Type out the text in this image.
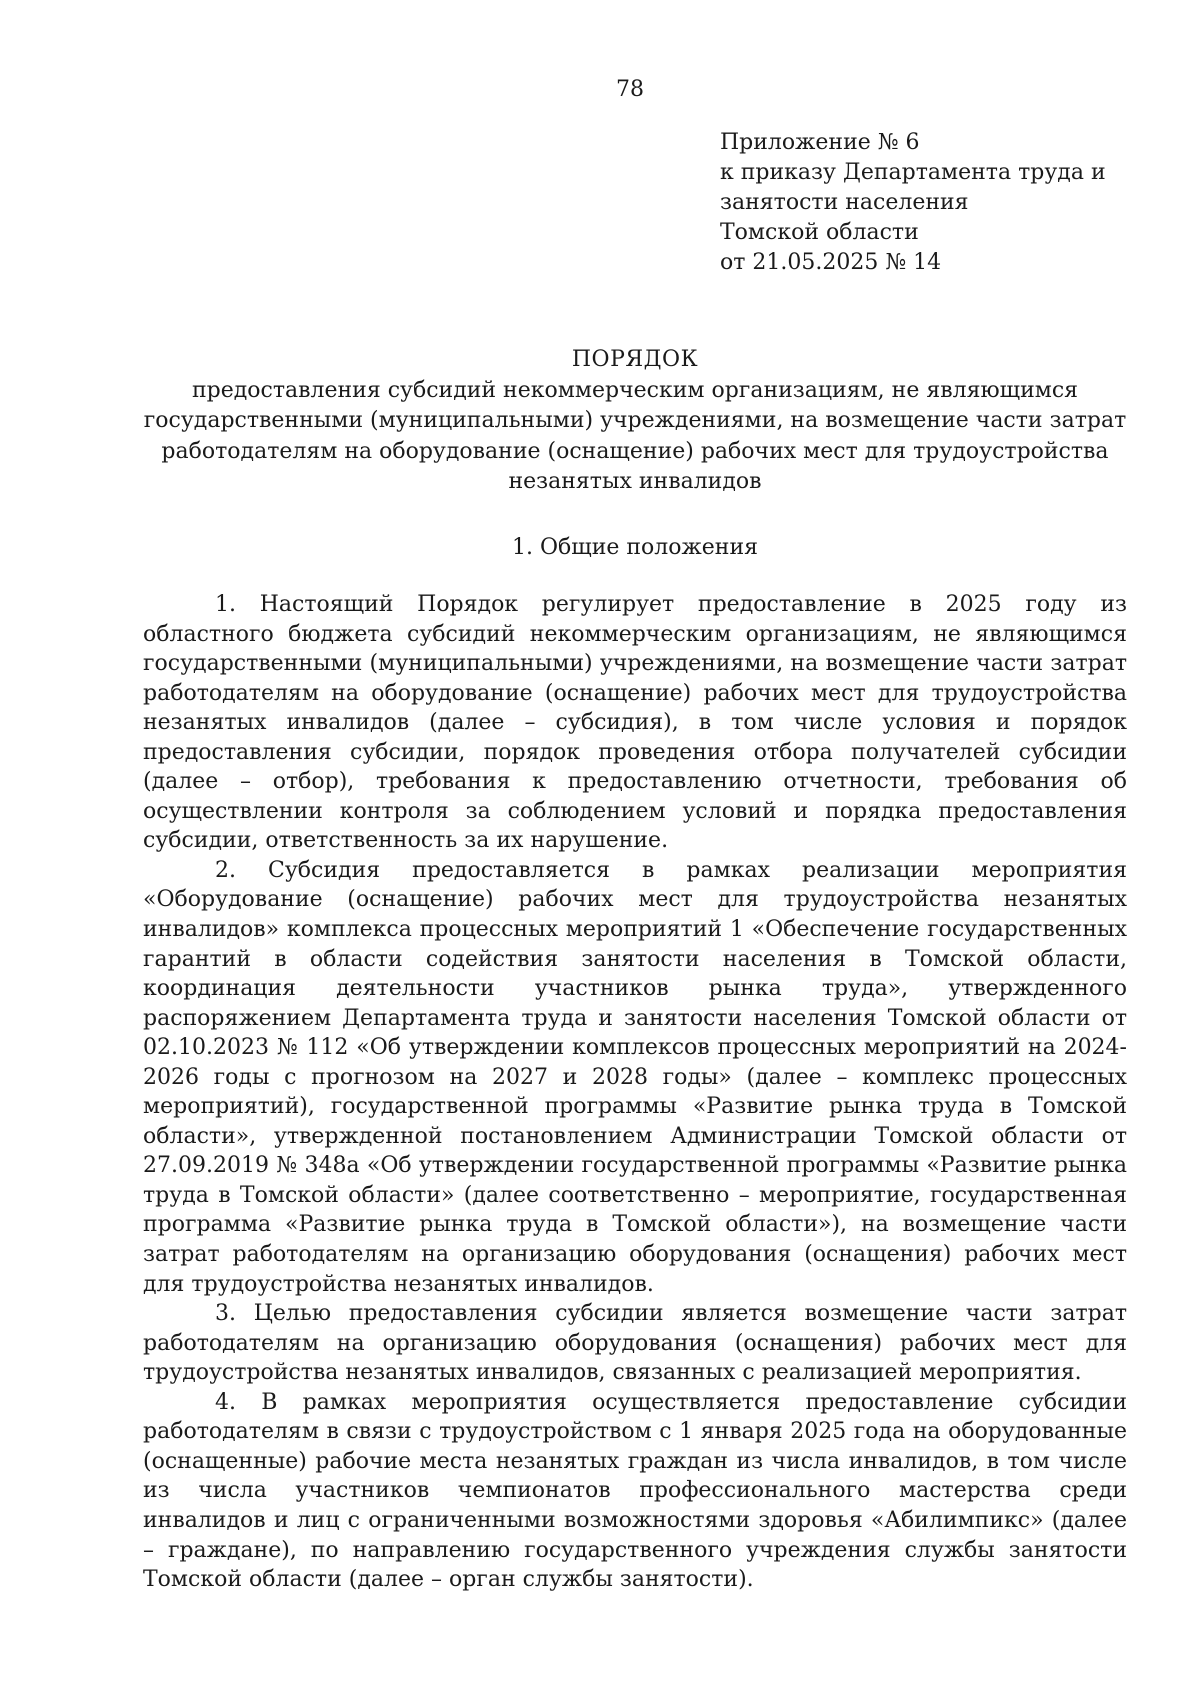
78
Приложение № 6
к приказу Департамента труда и
занятости населения
Томской области
от 21.05.2025 № 14
ПОРЯДОК
предоставления субсидий некоммерческим организациям, не являющимся
государственными (муниципальными) учреждениями, на возмещение части затрат
работодателям на оборудование (оснащение) рабочих мест для трудоустройства
незанятых инвалидов
1. Общие положения

1. Настоящий Порядок регулирует предоставление в 2025 году из областного бюджета субсидий некоммерческим организациям, не являющимся государственными (муниципальными) учреждениями, на возмещение части затрат работодателям на оборудование (оснащение) рабочих мест для трудоустройства незанятых инвалидов (далее – субсидия), в том числе условия и порядок предоставления субсидии, порядок проведения отбора получателей субсидии (далее – отбор), требования к предоставлению отчетности, требования об осуществлении контроля за соблюдением условий и порядка предоставления субсидии, ответственность за их нарушение.

2. Субсидия предоставляется в рамках реализации мероприятия «Оборудование (оснащение) рабочих мест для трудоустройства незанятых инвалидов» комплекса процессных мероприятий 1 «Обеспечение государственных гарантий в области содействия занятости населения в Томской области, координация деятельности участников рынка труда», утвержденного распоряжением Департамента труда и занятости населения Томской области от 02.10.2023 № 112 «Об утверждении комплексов процессных мероприятий на 2024-2026 годы с прогнозом на 2027 и 2028 годы» (далее – комплекс процессных мероприятий), государственной программы «Развитие рынка труда в Томской области», утвержденной постановлением Администрации Томской области от 27.09.2019 № 348а «Об утверждении государственной программы «Развитие рынка труда в Томской области» (далее соответственно – мероприятие, государственная программа «Развитие рынка труда в Томской области»), на возмещение части затрат работодателям на организацию оборудования (оснащения) рабочих мест для трудоустройства незанятых инвалидов.

3. Целью предоставления субсидии является возмещение части затрат работодателям на организацию оборудования (оснащения) рабочих мест для трудоустройства незанятых инвалидов, связанных с реализацией мероприятия.

4. В рамках мероприятия осуществляется предоставление субсидии работодателям в связи с трудоустройством с 1 января 2025 года на оборудованные (оснащенные) рабочие места незанятых граждан из числа инвалидов, в том числе из числа участников чемпионатов профессионального мастерства среди инвалидов и лиц с ограниченными возможностями здоровья «Абилимпикс» (далее – граждане), по направлению государственного учреждения службы занятости Томской области (далее – орган службы занятости).
